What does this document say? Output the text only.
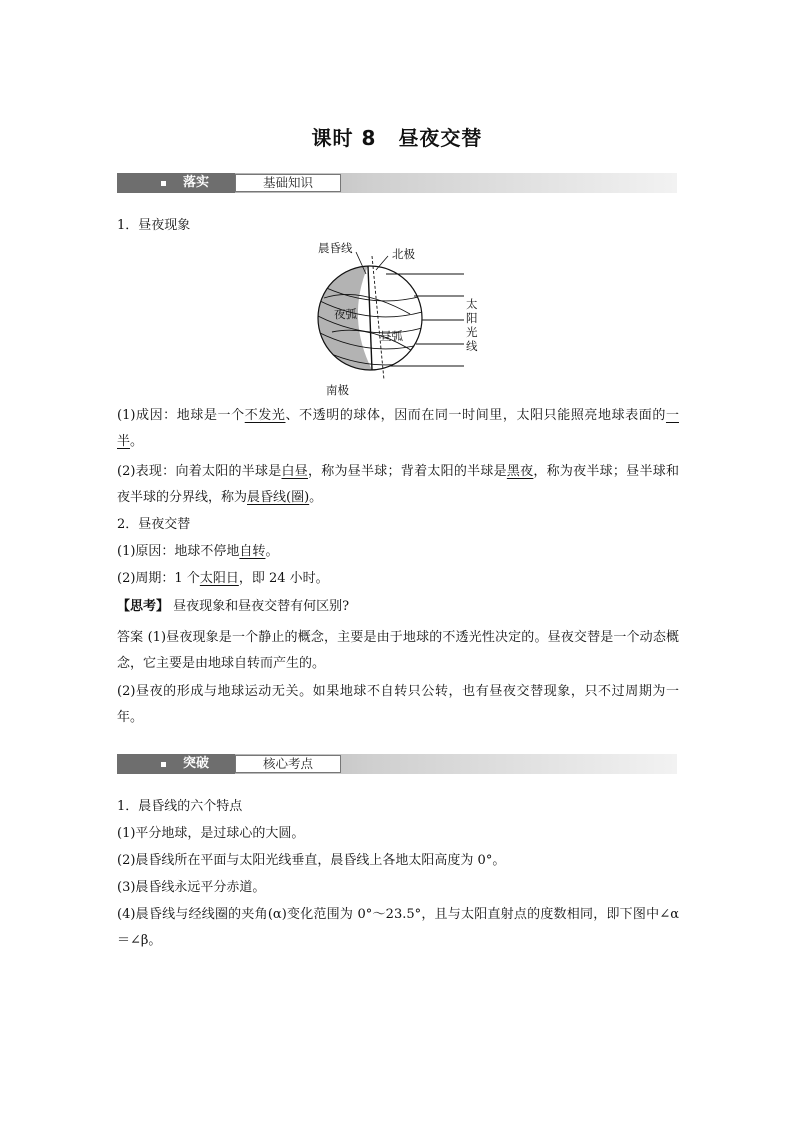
课时 8 昼夜交替
落实	基础知识
1．昼夜现象
晨昏线	北极
夜弧
昼弧
南极
太
阳
光
线
(1)成因：地球是一个不发光、不透明的球体，因而在同一时间里，太阳只能照亮地球表面的一半。
(2)表现：向着太阳的半球是白昼，称为昼半球；背着太阳的半球是黑夜，称为夜半球；昼半球和夜半球的分界线，称为晨昏线(圈)。
2．昼夜交替
(1)原因：地球不停地自转。
(2)周期：1 个太阳日，即 24 小时。
【思考】 昼夜现象和昼夜交替有何区别?
答案 (1)昼夜现象是一个静止的概念，主要是由于地球的不透光性决定的。昼夜交替是一个动态概念，它主要是由地球自转而产生的。
(2)昼夜的形成与地球运动无关。如果地球不自转只公转，也有昼夜交替现象，只不过周期为一年。
突破	核心考点
1．晨昏线的六个特点
(1)平分地球，是过球心的大圆。
(2)晨昏线所在平面与太阳光线垂直，晨昏线上各地太阳高度为 0°。
(3)晨昏线永远平分赤道。
(4)晨昏线与经线圈的夹角(α)变化范围为 0°～23.5°，且与太阳直射点的度数相同，即下图中∠α＝∠β。
